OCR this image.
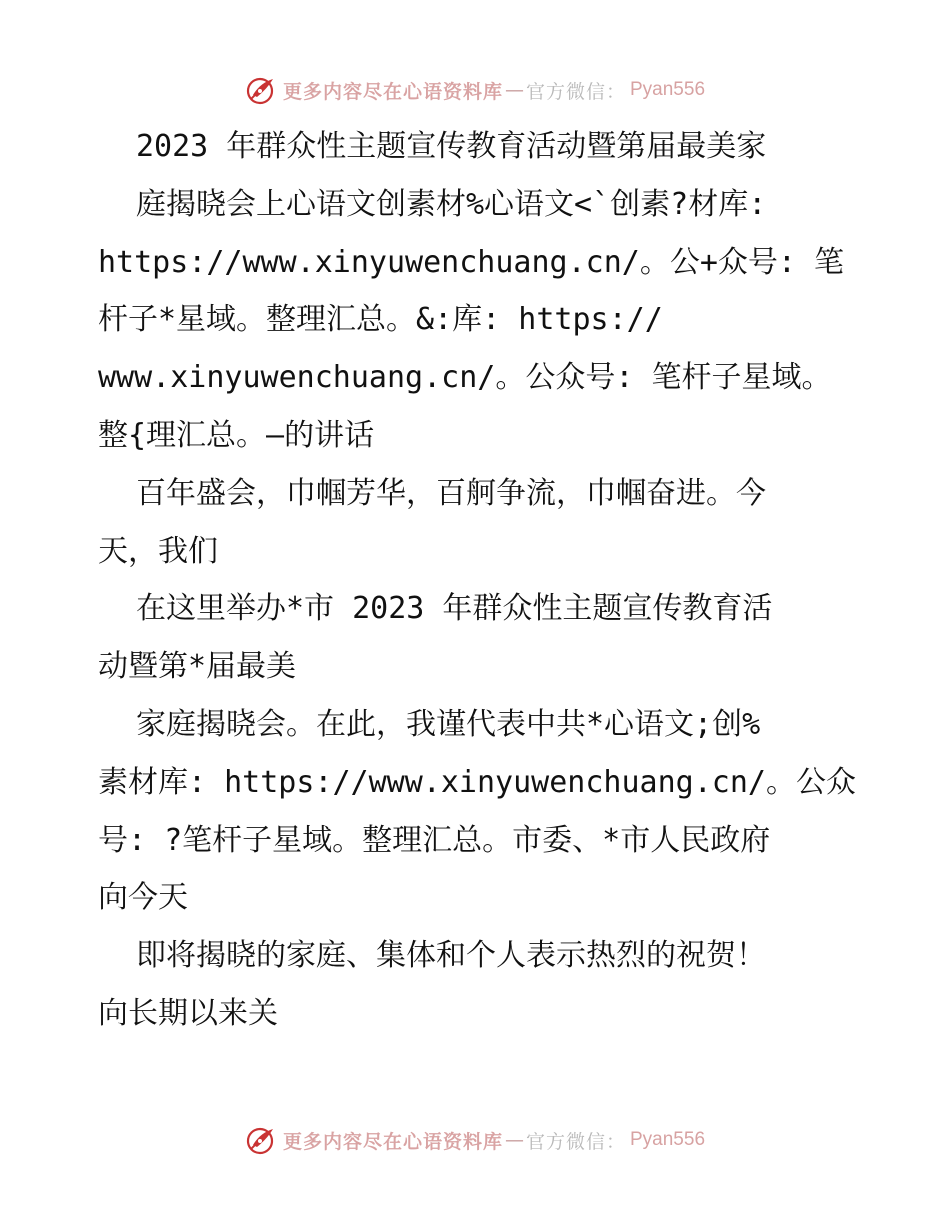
更多内容尽在心语资料库 — 官方微信： Pyan556
2023 年群众性主题宣传教育活动暨第届最美家
庭揭晓会上心语文创素材%心语文<`创素?材库:
https://www.xinyuwenchuang.cn/。公+众号: 笔
杆子*星域。整理汇总。&:库: https://
www.xinyuwenchuang.cn/。公众号: 笔杆子星域。
整{理汇总。—的讲话
百年盛会，巾帼芳华，百舸争流，巾帼奋进。今
天，我们
在这里举办*市 2023 年群众性主题宣传教育活
动暨第*届最美
家庭揭晓会。在此，我谨代表中共*心语文;创%
素材库: https://www.xinyuwenchuang.cn/。公众
号: ?笔杆子星域。整理汇总。市委、*市人民政府
向今天
即将揭晓的家庭、集体和个人表示热烈的祝贺！
向长期以来关
更多内容尽在心语资料库 — 官方微信： Pyan556
